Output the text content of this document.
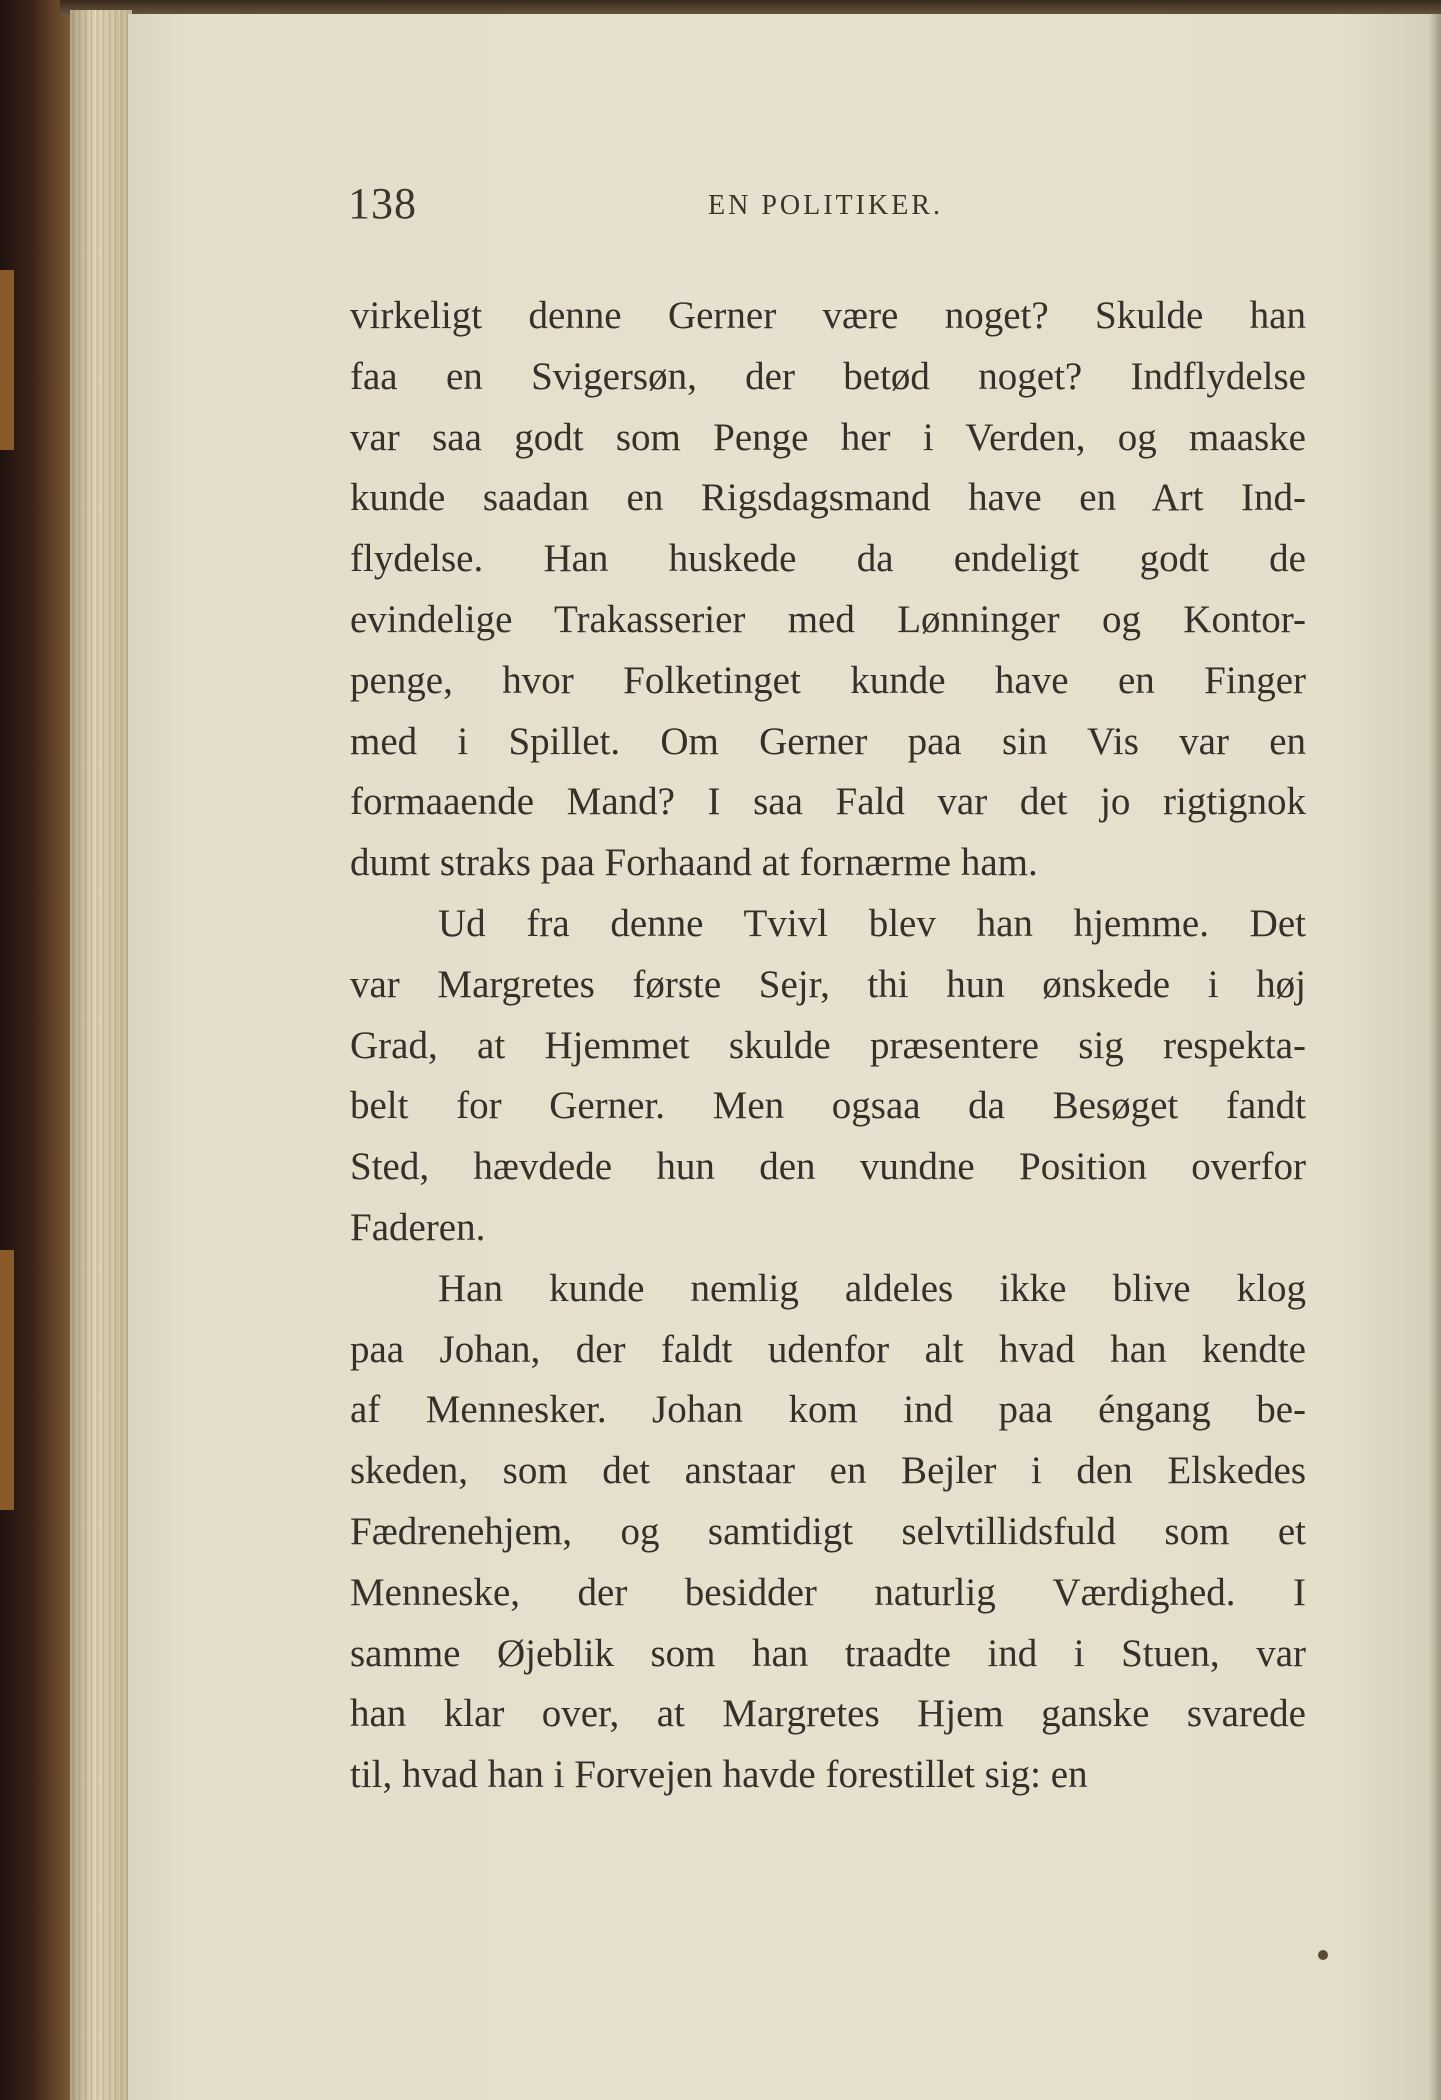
138	EN POLITIKER.
virkeligt denne Gerner være noget? Skulde han
faa en Svigersøn, der betød noget? Indflydelse
var saa godt som Penge her i Verden, og maaske
kunde saadan en Rigsdagsmand have en Art Ind-
flydelse. Han huskede da endeligt godt de
evindelige Trakasserier med Lønninger og Kontor-
penge, hvor Folketinget kunde have en Finger
med i Spillet. Om Gerner paa sin Vis var en
formaaende Mand? I saa Fald var det jo rigtignok
dumt straks paa Forhaand at fornærme ham.
Ud fra denne Tvivl blev han hjemme. Det
var Margretes første Sejr, thi hun ønskede i høj
Grad, at Hjemmet skulde præsentere sig respekta-
belt for Gerner. Men ogsaa da Besøget fandt
Sted, hævdede hun den vundne Position overfor
Faderen.
Han kunde nemlig aldeles ikke blive klog
paa Johan, der faldt udenfor alt hvad han kendte
af Mennesker. Johan kom ind paa éngang be-
skeden, som det anstaar en Bejler i den Elskedes
Fædrenehjem, og samtidigt selvtillidsfuld som et
Menneske, der besidder naturlig Værdighed. I
samme Øjeblik som han traadte ind i Stuen, var
han klar over, at Margretes Hjem ganske svarede
til, hvad han i Forvejen havde forestillet sig: en
